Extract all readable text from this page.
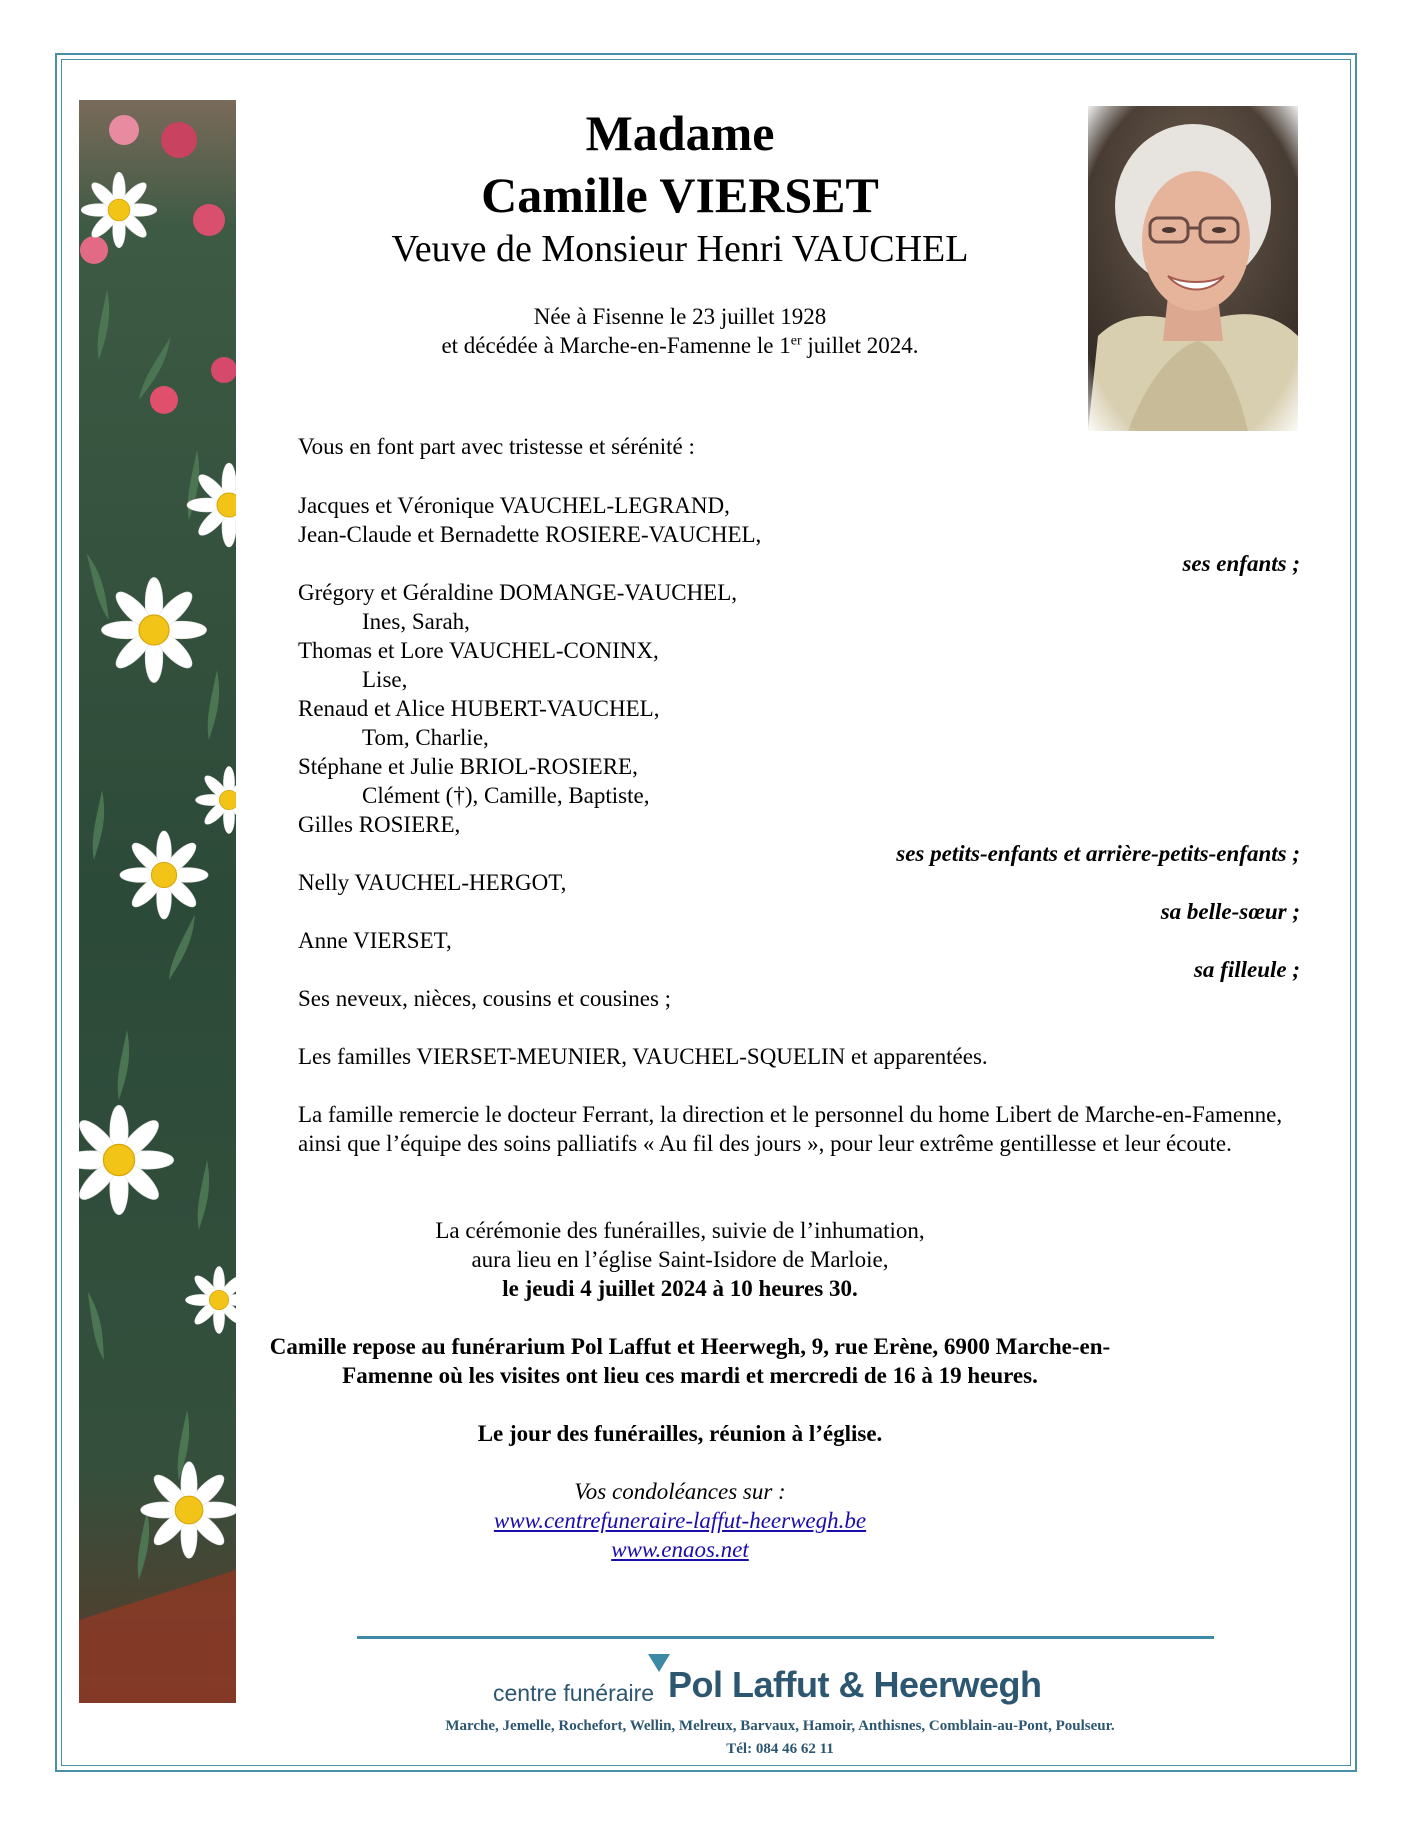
Madame
Camille VIERSET
Veuve de Monsieur Henri VAUCHEL
Née à Fisenne le 23 juillet 1928
et décédée à Marche-en-Famenne le 1er juillet 2024.
Vous en font part avec tristesse et sérénité :
Jacques et Véronique VAUCHEL-LEGRAND,
Jean-Claude et Bernadette ROSIERE-VAUCHEL,
ses enfants ;
Grégory et Géraldine DOMANGE-VAUCHEL,
Ines, Sarah,
Thomas et Lore VAUCHEL-CONINX,
Lise,
Renaud et Alice HUBERT-VAUCHEL,
Tom, Charlie,
Stéphane et Julie BRIOL-ROSIERE,
Clément (†), Camille, Baptiste,
Gilles ROSIERE,
ses petits-enfants et arrière-petits-enfants ;
Nelly VAUCHEL-HERGOT,
sa belle-sœur ;
Anne VIERSET,
sa filleule ;
Ses neveux, nièces, cousins et cousines ;
Les familles VIERSET-MEUNIER, VAUCHEL-SQUELIN et apparentées.
La famille remercie le docteur Ferrant, la direction et le personnel du home Libert de Marche-en-Famenne, ainsi que l’équipe des soins palliatifs « Au fil des jours », pour leur extrême gentillesse et leur écoute.
La cérémonie des funérailles, suivie de l’inhumation,
aura lieu en l’église Saint-Isidore de Marloie,
le jeudi 4 juillet 2024 à 10 heures 30.
Camille repose au funérarium Pol Laffut et Heerwegh, 9, rue Erène, 6900 Marche-en-
Famenne où les visites ont lieu ces mardi et mercredi de 16 à 19 heures.
Le jour des funérailles, réunion à l’église.
Vos condoléances sur :
www.centrefuneraire-laffut-heerwegh.be
www.enaos.net
centre funéraire Pol Laffut & Heerwegh
Marche, Jemelle, Rochefort, Wellin, Melreux, Barvaux, Hamoir, Anthisnes, Comblain-au-Pont, Poulseur.
Tél: 084 46 62 11
